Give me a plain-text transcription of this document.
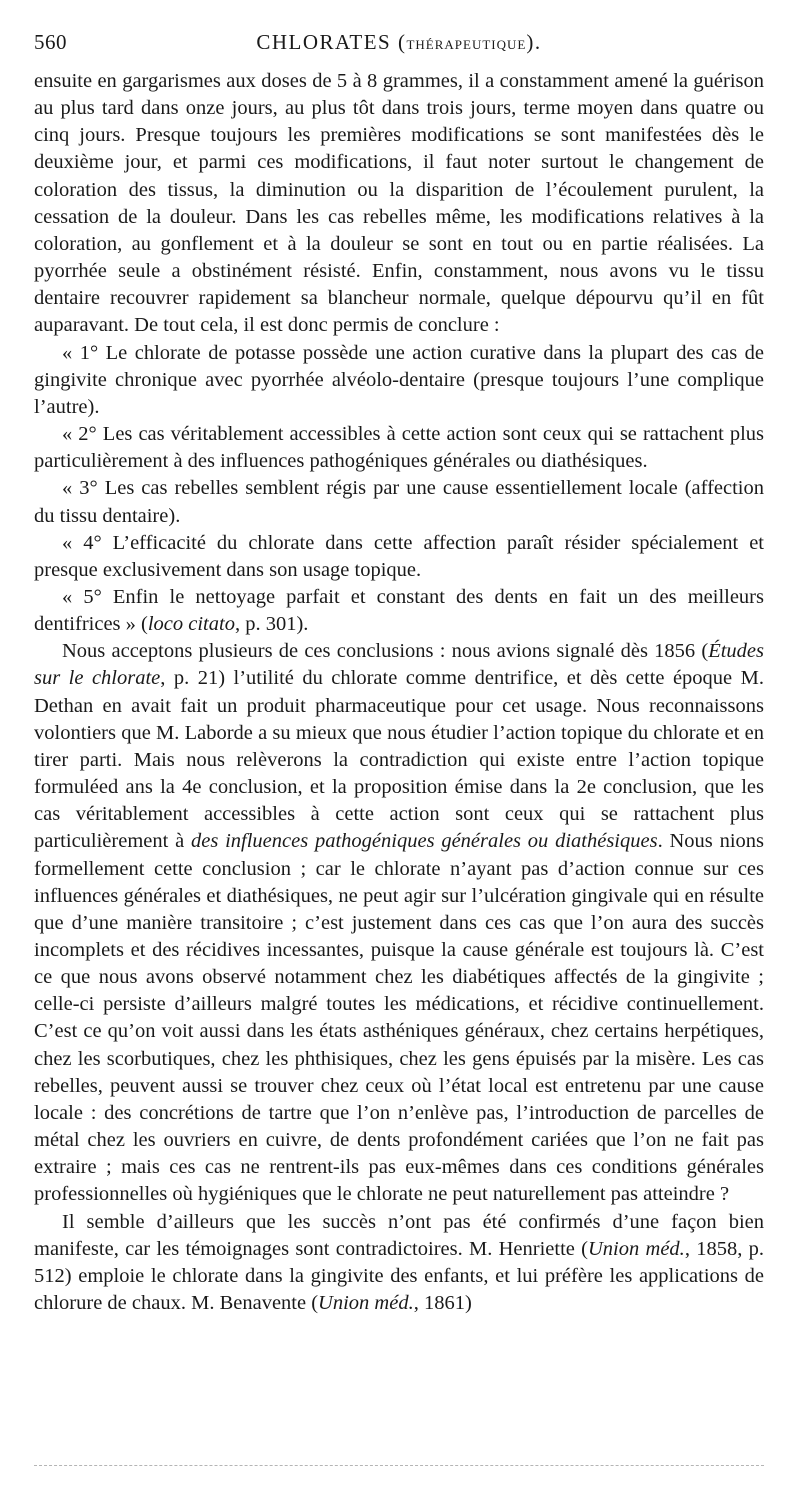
560	CHLORATES (THÉRAPEUTIQUE).

ensuite en gargarismes aux doses de 5 à 8 grammes, il a constamment amené la guérison au plus tard dans onze jours, au plus tôt dans trois jours, terme moyen dans quatre ou cinq jours. Presque toujours les premières modifications se sont manifestées dès le deuxième jour, et parmi ces modifications, il faut noter surtout le changement de coloration des tissus, la diminution ou la disparition de l’écoulement purulent, la cessation de la douleur. Dans les cas rebelles même, les modifications relatives à la coloration, au gonflement et à la douleur se sont en tout ou en partie réalisées. La pyorrhée seule a obstinément résisté. Enfin, constamment, nous avons vu le tissu dentaire recouvrer rapidement sa blancheur normale, quelque dépourvu qu’il en fût auparavant. De tout cela, il est donc permis de conclure :

« 1° Le chlorate de potasse possède une action curative dans la plupart des cas de gingivite chronique avec pyorrhée alvéolo-dentaire (presque toujours l’une complique l’autre).

« 2° Les cas véritablement accessibles à cette action sont ceux qui se rattachent plus particulièrement à des influences pathogéniques générales ou diathésiques.

« 3° Les cas rebelles semblent régis par une cause essentiellement locale (affection du tissu dentaire).

« 4° L’efficacité du chlorate dans cette affection paraît résider spécialement et presque exclusivement dans son usage topique.

« 5° Enfin le nettoyage parfait et constant des dents en fait un des meilleurs dentifrices » (loco citato, p. 301).

Nous acceptons plusieurs de ces conclusions : nous avions signalé dès 1856 (Études sur le chlorate, p. 21) l’utilité du chlorate comme dentrifice, et dès cette époque M. Dethan en avait fait un produit pharmaceutique pour cet usage. Nous reconnaissons volontiers que M. Laborde a su mieux que nous étudier l’action topique du chlorate et en tirer parti. Mais nous relèverons la contradiction qui existe entre l’action topique formuléed ans la 4e conclusion, et la proposition émise dans la 2e conclusion, que les cas véritablement accessibles à cette action sont ceux qui se rattachent plus particulièrement à des influences pathogéniques générales ou diathésiques. Nous nions formellement cette conclusion ; car le chlorate n’ayant pas d’action connue sur ces influences générales et diathésiques, ne peut agir sur l’ulcération gingivale qui en résulte que d’une manière transitoire ; c’est justement dans ces cas que l’on aura des succès incomplets et des récidives incessantes, puisque la cause générale est toujours là. C’est ce que nous avons observé notamment chez les diabétiques affectés de la gingivite ; celle-ci persiste d’ailleurs malgré toutes les médications, et récidive continuellement. C’est ce qu’on voit aussi dans les états asthéniques généraux, chez certains herpétiques, chez les scorbutiques, chez les phthisiques, chez les gens épuisés par la misère. Les cas rebelles, peuvent aussi se trouver chez ceux où l’état local est entretenu par une cause locale : des concrétions de tartre que l’on n’enlève pas, l’introduction de parcelles de métal chez les ouvriers en cuivre, de dents profondément cariées que l’on ne fait pas extraire ; mais ces cas ne rentrent-ils pas eux-mêmes dans ces conditions générales professionnelles où hygiéniques que le chlorate ne peut naturellement pas atteindre ?

Il semble d’ailleurs que les succès n’ont pas été confirmés d’une façon bien manifeste, car les témoignages sont contradictoires. M. Henriette (Union méd., 1858, p. 512) emploie le chlorate dans la gingivite des enfants, et lui préfère les applications de chlorure de chaux. M. Benavente (Union méd., 1861)
